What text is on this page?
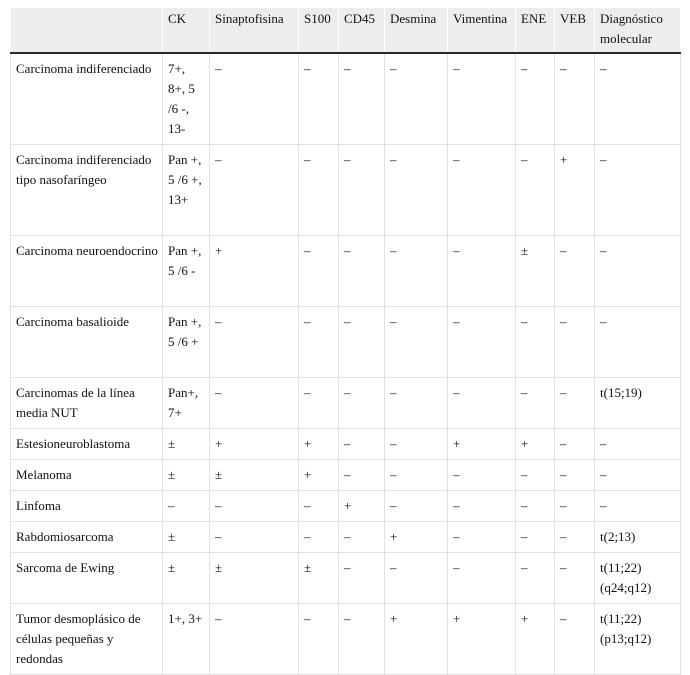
	CK	Sinaptofisina	S100	CD45	Desmina	Vimentina	ENE	VEB	Diagnóstico molecular
Carcinoma indiferenciado	7+, 8+, 5 /6 -, 13-	–	–	–	–	–	–	–	–
Carcinoma indiferenciado tipo nasofaríngeo	Pan +, 5 /6 +, 13+	–	–	–	–	–	–	+	–
Carcinoma neuroendocrino	Pan +, 5 /6 -	+	–	–	–	–	±	–	–
Carcinoma basalioide	Pan +, 5 /6 +	–	–	–	–	–	–	–	–
Carcinomas de la línea media NUT	Pan+, 7+	–	–	–	–	–	–	–	t(15;19)
Estesioneuroblastoma	±	+	+	–	–	+	+	–	–
Melanoma	±	±	+	–	–	–	–	–	–
Linfoma	–	–	–	+	–	–	–	–	–
Rabdomiosarcoma	±	–	–	–	+	–	–	–	t(2;13)
Sarcoma de Ewing	±	±	±	–	–	–	–	–	t(11;22) (q24;q12)
Tumor desmoplásico de células pequeñas y redondas	1+, 3+	–	–	–	+	+	+	–	t(11;22) (p13;q12)
